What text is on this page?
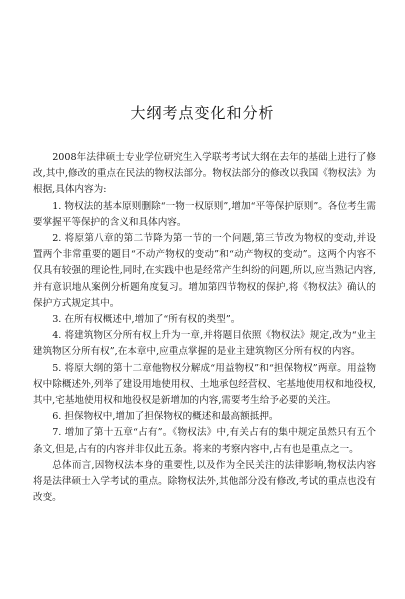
大纲考点变化和分析

2008年法律硕士专业学位研究生入学联考考试大纲在去年的基础上进行了修改,其中,修改的重点在民法的物权法部分。物权法部分的修改以我国《物权法》为根据,具体内容为:

1. 物权法的基本原则删除“一物一权原则”,增加“平等保护原则”。各位考生需要掌握平等保护的含义和具体内容。

2. 将原第八章的第二节降为第一节的一个问题,第三节改为物权的变动,并设置两个非常重要的题目“不动产物权的变动”和“动产物权的变动”。这两个内容不仅具有较强的理论性,同时,在实践中也是经常产生纠纷的问题,所以,应当熟记内容,并有意识地从案例分析题角度复习。增加第四节物权的保护,将《物权法》确认的保护方式规定其中。

3. 在所有权概述中,增加了“所有权的类型”。

4. 将建筑物区分所有权上升为一章,并将题目依照《物权法》规定,改为“业主建筑物区分所有权”,在本章中,应重点掌握的是业主建筑物区分所有权的内容。

5. 将原大纲的第十二章他物权分解成“用益物权”和“担保物权”两章。用益物权中除概述外,列举了建设用地使用权、土地承包经营权、宅基地使用权和地役权,其中,宅基地使用权和地役权是新增加的内容,需要考生给予必要的关注。

6. 担保物权中,增加了担保物权的概述和最高额抵押。

7. 增加了第十五章“占有”。《物权法》中,有关占有的集中规定虽然只有五个条文,但是,占有的内容并非仅此五条。将来的考察内容中,占有也是重点之一。

总体而言,因物权法本身的重要性,以及作为全民关注的法律影响,物权法内容将是法律硕士入学考试的重点。除物权法外,其他部分没有修改,考试的重点也没有改变。
